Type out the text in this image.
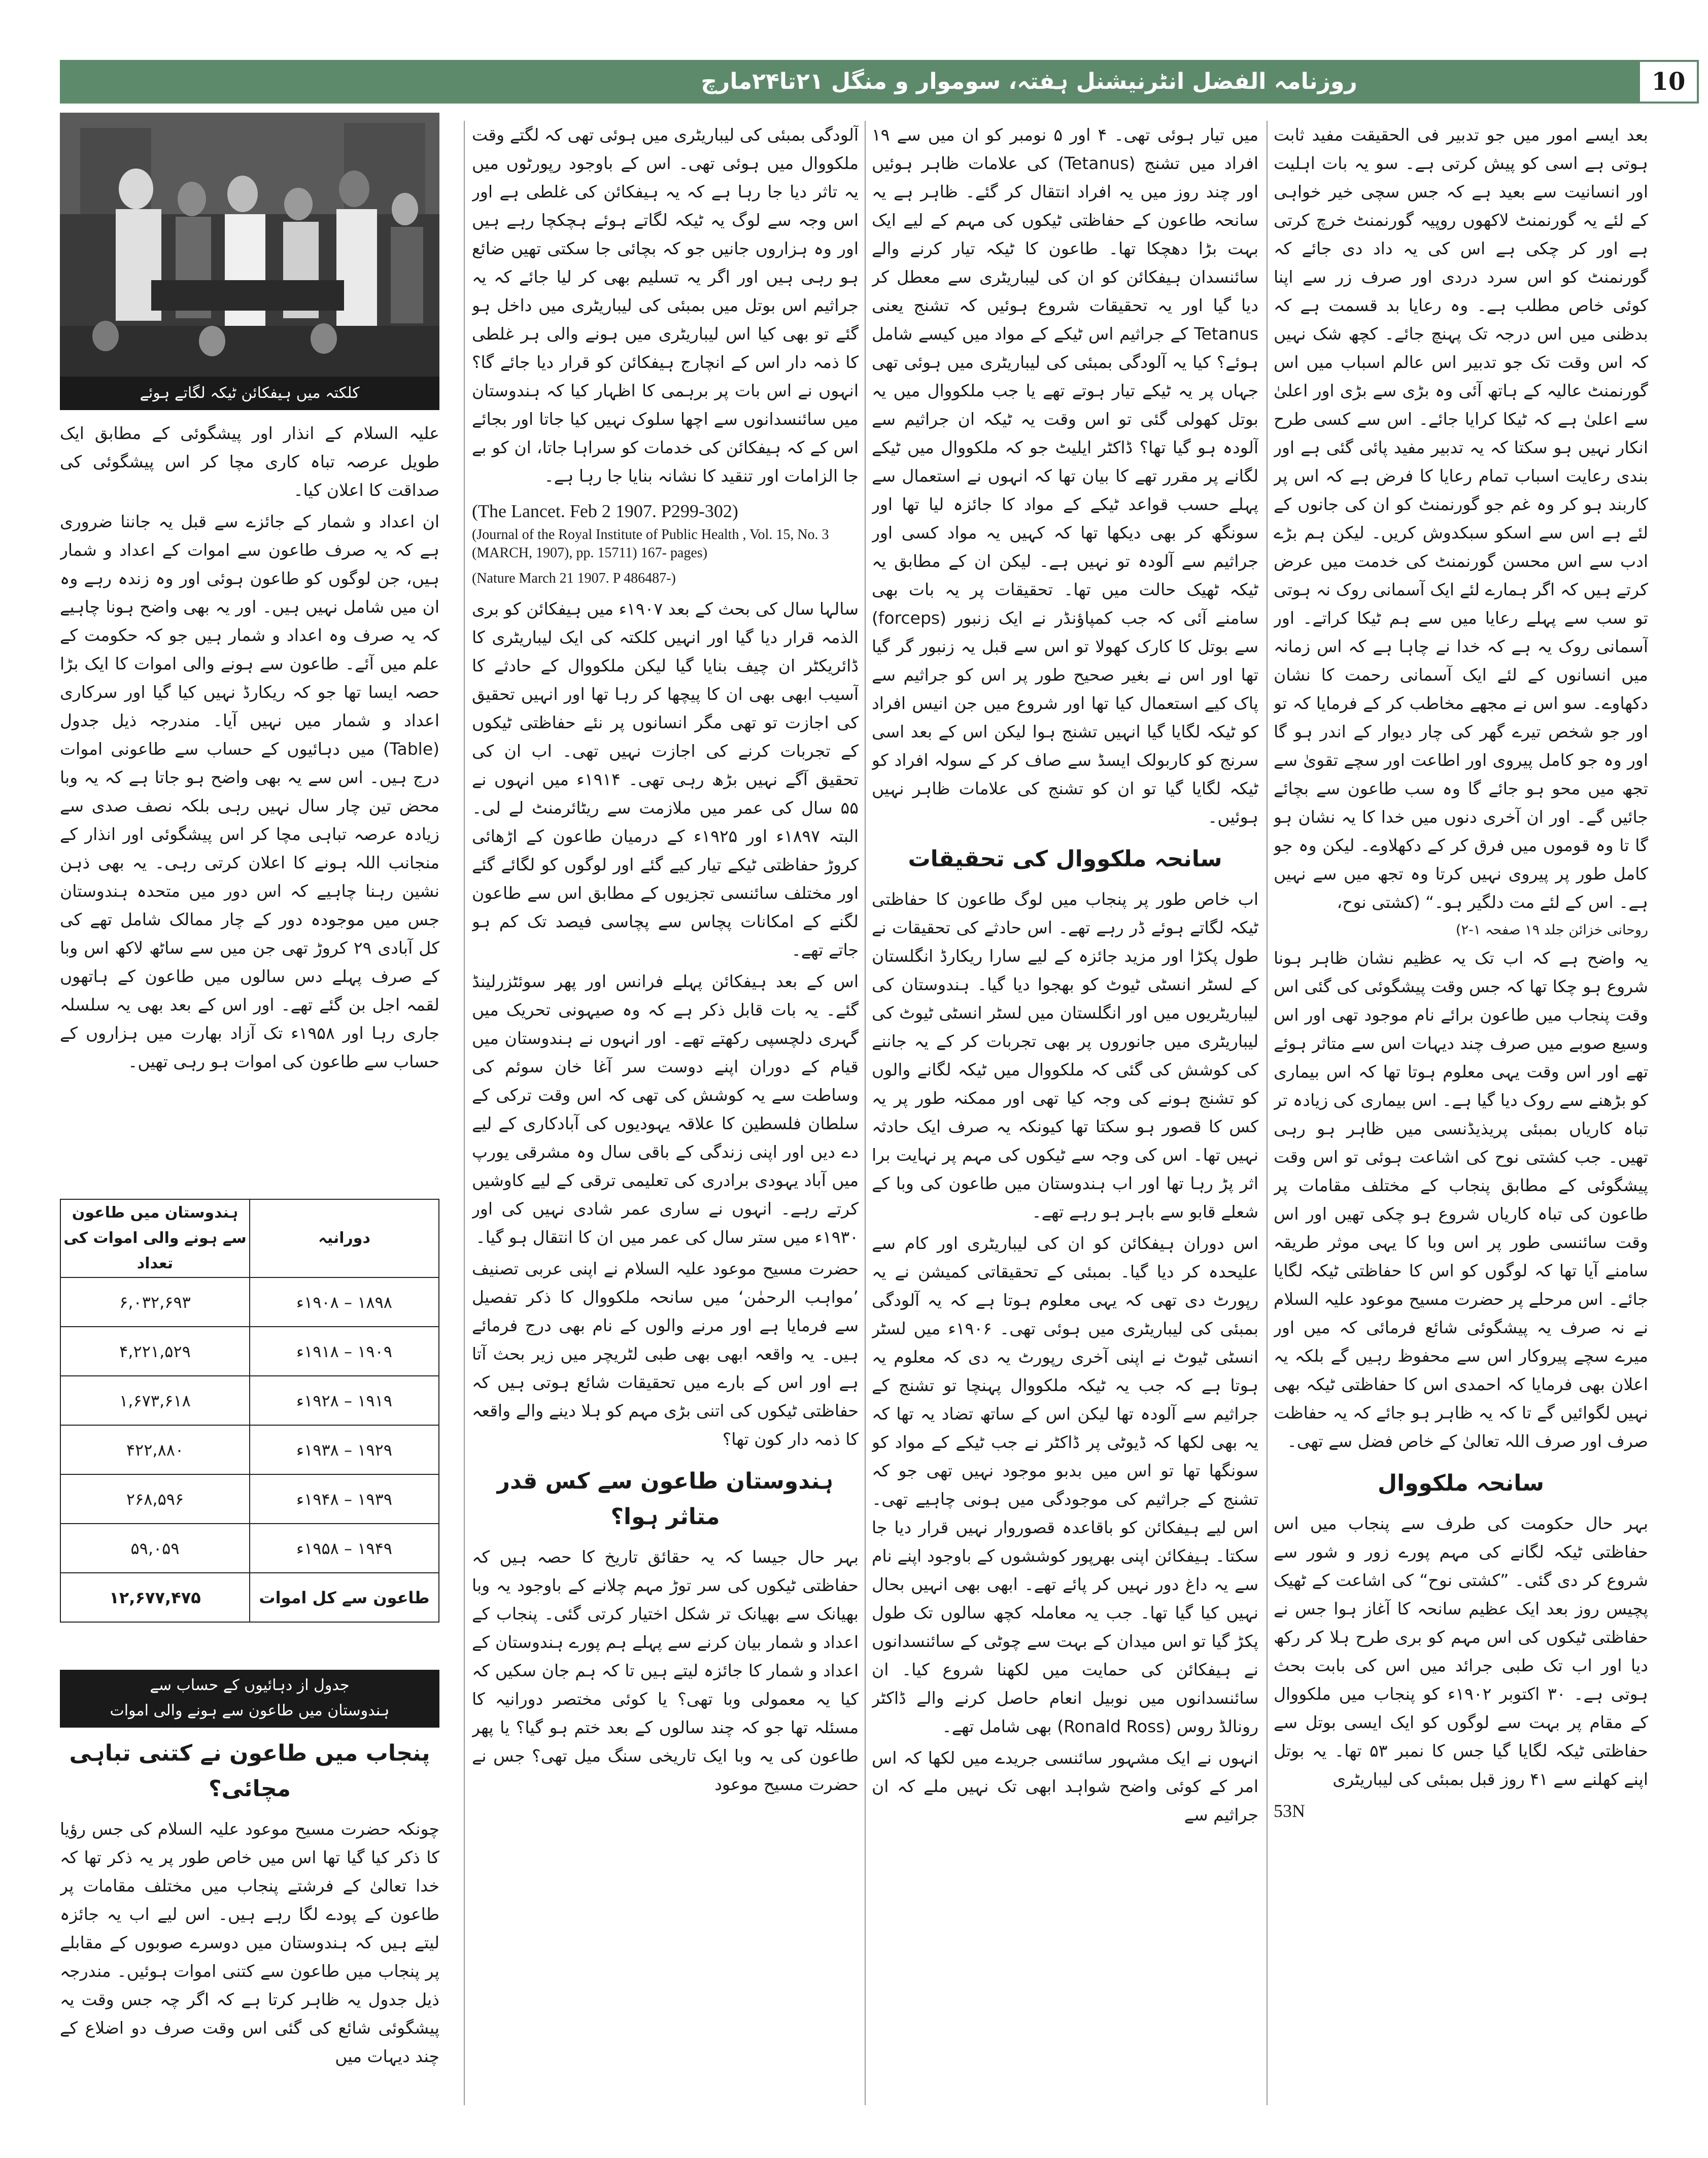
روزنامہ الفضل انٹرنیشنل ہفتہ، سوموار و منگل ۲۱تا۲۴مارچ ۲۰۲۶ء
10

بعد ایسے امور میں جو تدبیر فی الحقیقت مفید ثابت ہوتی ہے اسی کو پیش کرتی ہے۔ سو یہ بات اہلیت اور انسانیت سے بعید ہے کہ جس سچی خیر خواہی کے لئے یہ گورنمنٹ لاکھوں روپیہ گورنمنٹ خرچ کرتی ہے اور کر چکی ہے اس کی یہ داد دی جائے کہ گورنمنٹ کو اس سرد دردی اور صرف زر سے اپنا کوئی خاص مطلب ہے۔ وہ رعایا بد قسمت ہے کہ بدظنی میں اس درجہ تک پہنچ جائے۔ کچھ شک نہیں کہ اس وقت تک جو تدبیر اس عالم اسباب میں اس گورنمنٹ عالیہ کے ہاتھ آئی وہ بڑی سے بڑی اور اعلیٰ سے اعلیٰ ہے کہ ٹیکا کرایا جائے۔ اس سے کسی طرح انکار نہیں ہو سکتا کہ یہ تدبیر مفید پائی گئی ہے اور بندی رعایت اسباب تمام رعایا کا فرض ہے کہ اس پر کاربند ہو کر وہ غم جو گورنمنٹ کو ان کی جانوں کے لئے ہے اس سے اسکو سبکدوش کریں۔ لیکن ہم بڑے ادب سے اس محسن گورنمنٹ کی خدمت میں عرض کرتے ہیں کہ اگر ہمارے لئے ایک آسمانی روک نہ ہوتی تو سب سے پہلے رعایا میں سے ہم ٹیکا کراتے۔ اور آسمانی روک یہ ہے کہ خدا نے چاہا ہے کہ اس زمانہ میں انسانوں کے لئے ایک آسمانی رحمت کا نشان دکھاوے۔ سو اس نے مجھے مخاطب کر کے فرمایا کہ تو اور جو شخص تیرے گھر کی چار دیوار کے اندر ہو گا اور وہ جو کامل پیروی اور اطاعت اور سچے تقویٰ سے تجھ میں محو ہو جائے گا وہ سب طاعون سے بچائے جائیں گے۔ اور ان آخری دنوں میں خدا کا یہ نشان ہو گا تا وہ قوموں میں فرق کر کے دکھلاوے۔ لیکن وہ جو کامل طور پر پیروی نہیں کرتا وہ تجھ میں سے نہیں ہے۔ اس کے لئے مت دلگیر ہو۔“ (کشتی نوح،

روحانی خزائن جلد ۱۹ صفحہ ۱-۲)

یہ واضح ہے کہ اب تک یہ عظیم نشان ظاہر ہونا شروع ہو چکا تھا کہ جس وقت پیشگوئی کی گئی اس وقت پنجاب میں طاعون برائے نام موجود تھی اور اس وسیع صوبے میں صرف چند دیہات اس سے متاثر ہوئے تھے اور اس وقت یہی معلوم ہوتا تھا کہ اس بیماری کو بڑھنے سے روک دیا گیا ہے۔ اس بیماری کی زیادہ تر تباہ کاریاں بمبئی پریذیڈنسی میں ظاہر ہو رہی تھیں۔ جب کشتی نوح کی اشاعت ہوئی تو اس وقت پیشگوئی کے مطابق پنجاب کے مختلف مقامات پر طاعون کی تباہ کاریاں شروع ہو چکی تھیں اور اس وقت سائنسی طور پر اس وبا کا یہی موثر طریقہ سامنے آیا تھا کہ لوگوں کو اس کا حفاظتی ٹیکہ لگایا جائے۔ اس مرحلے پر حضرت مسیح موعود علیہ السلام نے نہ صرف یہ پیشگوئی شائع فرمائی کہ میں اور میرے سچے پیروکار اس سے محفوظ رہیں گے بلکہ یہ اعلان بھی فرمایا کہ احمدی اس کا حفاظتی ٹیکہ بھی نہیں لگوائیں گے تا کہ یہ ظاہر ہو جائے کہ یہ حفاظت صرف اور صرف اللہ تعالیٰ کے خاص فضل سے تھی۔

سانحہ ملکووال

بہر حال حکومت کی طرف سے پنجاب میں اس حفاظتی ٹیکہ لگانے کی مہم پورے زور و شور سے شروع کر دی گئی۔ ”کشتی نوح“ کی اشاعت کے ٹھیک پچیس روز بعد ایک عظیم سانحہ کا آغاز ہوا جس نے حفاظتی ٹیکوں کی اس مہم کو بری طرح ہلا کر رکھ دیا اور اب تک طبی جرائد میں اس کی بابت بحث ہوتی ہے۔ ۳۰ اکتوبر ۱۹۰۲ء کو پنجاب میں ملکووال کے مقام پر بہت سے لوگوں کو ایک ایسی بوتل سے حفاظتی ٹیکہ لگایا گیا جس کا نمبر ۵۳ تھا۔ یہ بوتل اپنے کھلنے سے ۴۱ روز قبل بمبئی کی لیباریٹری

53N

میں تیار ہوئی تھی۔ ۴ اور ۵ نومبر کو ان میں سے ۱۹ افراد میں تشنج (Tetanus) کی علامات ظاہر ہوئیں اور چند روز میں یہ افراد انتقال کر گئے۔ ظاہر ہے یہ سانحہ طاعون کے حفاظتی ٹیکوں کی مہم کے لیے ایک بہت بڑا دھچکا تھا۔ طاعون کا ٹیکہ تیار کرنے والے سائنسدان ہیفکائن کو ان کی لیباریٹری سے معطل کر دیا گیا اور یہ تحقیقات شروع ہوئیں کہ تشنج یعنی Tetanus کے جراثیم اس ٹیکے کے مواد میں کیسے شامل ہوئے؟ کیا یہ آلودگی بمبئی کی لیباریٹری میں ہوئی تھی جہاں پر یہ ٹیکے تیار ہوتے تھے یا جب ملکووال میں یہ بوتل کھولی گئی تو اس وقت یہ ٹیکہ ان جراثیم سے آلودہ ہو گیا تھا؟ ڈاکٹر ایلیٹ جو کہ ملکووال میں ٹیکے لگانے پر مقرر تھے کا بیان تھا کہ انہوں نے استعمال سے پہلے حسب قواعد ٹیکے کے مواد کا جائزہ لیا تھا اور سونگھ کر بھی دیکھا تھا کہ کہیں یہ مواد کسی اور جراثیم سے آلودہ تو نہیں ہے۔ لیکن ان کے مطابق یہ ٹیکہ ٹھیک حالت میں تھا۔ تحقیقات پر یہ بات بھی سامنے آئی کہ جب کمپاؤنڈر نے ایک زنبور (forceps) سے بوتل کا کارک کھولا تو اس سے قبل یہ زنبور گر گیا تھا اور اس نے بغیر صحیح طور پر اس کو جراثیم سے پاک کیے استعمال کیا تھا اور شروع میں جن انیس افراد کو ٹیکہ لگایا گیا انہیں تشنج ہوا لیکن اس کے بعد اسی سرنج کو کاربولک ایسڈ سے صاف کر کے سولہ افراد کو ٹیکہ لگایا گیا تو ان کو تشنج کی علامات ظاہر نہیں ہوئیں۔

سانحہ ملکووال کی تحقیقات

اب خاص طور پر پنجاب میں لوگ طاعون کا حفاظتی ٹیکہ لگاتے ہوئے ڈر رہے تھے۔ اس حادثے کی تحقیقات نے طول پکڑا اور مزید جائزہ کے لیے سارا ریکارڈ انگلستان کے لسٹر انسٹی ٹیوٹ کو بھجوا دیا گیا۔ ہندوستان کی لیباریٹریوں میں اور انگلستان میں لسٹر انسٹی ٹیوٹ کی لیباریٹری میں جانوروں پر بھی تجربات کر کے یہ جاننے کی کوشش کی گئی کہ ملکووال میں ٹیکہ لگانے والوں کو تشنج ہونے کی وجہ کیا تھی اور ممکنہ طور پر یہ کس کا قصور ہو سکتا تھا کیونکہ یہ صرف ایک حادثہ نہیں تھا۔ اس کی وجہ سے ٹیکوں کی مہم پر نہایت برا اثر پڑ رہا تھا اور اب ہندوستان میں طاعون کی وبا کے شعلے قابو سے باہر ہو رہے تھے۔

اس دوران ہیفکائن کو ان کی لیباریٹری اور کام سے علیحدہ کر دیا گیا۔ بمبئی کے تحقیقاتی کمیشن نے یہ رپورٹ دی تھی کہ یہی معلوم ہوتا ہے کہ یہ آلودگی بمبئی کی لیباریٹری میں ہوئی تھی۔ ۱۹۰۶ء میں لسٹر انسٹی ٹیوٹ نے اپنی آخری رپورٹ یہ دی کہ معلوم یہ ہوتا ہے کہ جب یہ ٹیکہ ملکووال پہنچا تو تشنج کے جراثیم سے آلودہ تھا لیکن اس کے ساتھ تضاد یہ تھا کہ یہ بھی لکھا کہ ڈیوٹی پر ڈاکٹر نے جب ٹیکے کے مواد کو سونگھا تھا تو اس میں بدبو موجود نہیں تھی جو کہ تشنج کے جراثیم کی موجودگی میں ہونی چاہیے تھی۔ اس لیے ہیفکائن کو باقاعدہ قصوروار نہیں قرار دیا جا سکتا۔ ہیفکائن اپنی بھرپور کوششوں کے باوجود اپنے نام سے یہ داغ دور نہیں کر پائے تھے۔ ابھی بھی انہیں بحال نہیں کیا گیا تھا۔ جب یہ معاملہ کچھ سالوں تک طول پکڑ گیا تو اس میدان کے بہت سے چوٹی کے سائنسدانوں نے ہیفکائن کی حمایت میں لکھنا شروع کیا۔ ان سائنسدانوں میں نوبیل انعام حاصل کرنے والے ڈاکٹر رونالڈ روس (Ronald Ross) بھی شامل تھے۔

انہوں نے ایک مشہور سائنسی جریدے میں لکھا کہ اس امر کے کوئی واضح شواہد ابھی تک نہیں ملے کہ ان جراثیم سے

آلودگی بمبئی کی لیباریٹری میں ہوئی تھی کہ لگتے وقت ملکووال میں ہوئی تھی۔ اس کے باوجود رپورٹوں میں یہ تاثر دیا جا رہا ہے کہ یہ ہیفکائن کی غلطی ہے اور اس وجہ سے لوگ یہ ٹیکہ لگاتے ہوئے ہچکچا رہے ہیں اور وہ ہزاروں جانیں جو کہ بچائی جا سکتی تھیں ضائع ہو رہی ہیں اور اگر یہ تسلیم بھی کر لیا جائے کہ یہ جراثیم اس بوتل میں بمبئی کی لیباریٹری میں داخل ہو گئے تو بھی کیا اس لیباریٹری میں ہونے والی ہر غلطی کا ذمہ دار اس کے انچارج ہیفکائن کو قرار دیا جائے گا؟ انہوں نے اس بات پر برہمی کا اظہار کیا کہ ہندوستان میں سائنسدانوں سے اچھا سلوک نہیں کیا جاتا اور بجائے اس کے کہ ہیفکائن کی خدمات کو سراہا جاتا، ان کو بے جا الزامات اور تنقید کا نشانہ بنایا جا رہا ہے۔

(The Lancet. Feb 2 1907. P299-302)

(Journal of the Royal Institute of Public Health , Vol. 15, No. 3 (MARCH, 1907), pp. 15711) 167- pages)

(Nature March 21 1907. P 486487-)

سالہا سال کی بحث کے بعد ۱۹۰۷ء میں ہیفکائن کو بری الذمہ قرار دیا گیا اور انہیں کلکتہ کی ایک لیباریٹری کا ڈائریکٹر ان چیف بنایا گیا لیکن ملکووال کے حادثے کا آسیب ابھی بھی ان کا پیچھا کر رہا تھا اور انہیں تحقیق کی اجازت تو تھی مگر انسانوں پر نئے حفاظتی ٹیکوں کے تجربات کرنے کی اجازت نہیں تھی۔ اب ان کی تحقیق آگے نہیں بڑھ رہی تھی۔ ۱۹۱۴ء میں انہوں نے ۵۵ سال کی عمر میں ملازمت سے ریٹائرمنٹ لے لی۔ البتہ ۱۸۹۷ء اور ۱۹۲۵ء کے درمیان طاعون کے اڑھائی کروڑ حفاظتی ٹیکے تیار کیے گئے اور لوگوں کو لگائے گئے اور مختلف سائنسی تجزیوں کے مطابق اس سے طاعون لگنے کے امکانات پچاس سے پچاسی فیصد تک کم ہو جاتے تھے۔

اس کے بعد ہیفکائن پہلے فرانس اور پھر سوئٹزرلینڈ گئے۔ یہ بات قابل ذکر ہے کہ وہ صیہونی تحریک میں گہری دلچسپی رکھتے تھے۔ اور انہوں نے ہندوستان میں قیام کے دوران اپنے دوست سر آغا خان سوئم کی وساطت سے یہ کوشش کی تھی کہ اس وقت ترکی کے سلطان فلسطین کا علاقہ یہودیوں کی آبادکاری کے لیے دے دیں اور اپنی زندگی کے باقی سال وہ مشرقی یورپ میں آباد یہودی برادری کی تعلیمی ترقی کے لیے کاوشیں کرتے رہے۔ انہوں نے ساری عمر شادی نہیں کی اور ۱۹۳۰ء میں ستر سال کی عمر میں ان کا انتقال ہو گیا۔

حضرت مسیح موعود علیہ السلام نے اپنی عربی تصنیف ’مواہب الرحمٰن‘ میں سانحہ ملکووال کا ذکر تفصیل سے فرمایا ہے اور مرنے والوں کے نام بھی درج فرمائے ہیں۔ یہ واقعہ ابھی بھی طبی لٹریچر میں زیر بحث آتا ہے اور اس کے بارے میں تحقیقات شائع ہوتی ہیں کہ حفاظتی ٹیکوں کی اتنی بڑی مہم کو ہلا دینے والے واقعہ کا ذمہ دار کون تھا؟

ہندوستان طاعون سے کس قدر متاثر ہوا؟

بہر حال جیسا کہ یہ حقائق تاریخ کا حصہ ہیں کہ حفاظتی ٹیکوں کی سر توڑ مہم چلانے کے باوجود یہ وبا بھیانک سے بھیانک تر شکل اختیار کرتی گئی۔ پنجاب کے اعداد و شمار بیان کرنے سے پہلے ہم پورے ہندوستان کے اعداد و شمار کا جائزہ لیتے ہیں تا کہ ہم جان سکیں کہ کیا یہ معمولی وبا تھی؟ یا کوئی مختصر دورانیہ کا مسئلہ تھا جو کہ چند سالوں کے بعد ختم ہو گیا؟ یا پھر طاعون کی یہ وبا ایک تاریخی سنگ میل تھی؟ جس نے حضرت مسیح موعود

کلکتہ میں ہیفکائن ٹیکہ لگاتے ہوئے

علیہ السلام کے انذار اور پیشگوئی کے مطابق ایک طویل عرصہ تباہ کاری مچا کر اس پیشگوئی کی صداقت کا اعلان کیا۔

ان اعداد و شمار کے جائزے سے قبل یہ جاننا ضروری ہے کہ یہ صرف طاعون سے اموات کے اعداد و شمار ہیں، جن لوگوں کو طاعون ہوئی اور وہ زندہ رہے وہ ان میں شامل نہیں ہیں۔ اور یہ بھی واضح ہونا چاہیے کہ یہ صرف وہ اعداد و شمار ہیں جو کہ حکومت کے علم میں آئے۔ طاعون سے ہونے والی اموات کا ایک بڑا حصہ ایسا تھا جو کہ ریکارڈ نہیں کیا گیا اور سرکاری اعداد و شمار میں نہیں آیا۔ مندرجہ ذیل جدول (Table) میں دہائیوں کے حساب سے طاعونی اموات درج ہیں۔ اس سے یہ بھی واضح ہو جاتا ہے کہ یہ وبا محض تین چار سال نہیں رہی بلکہ نصف صدی سے زیادہ عرصہ تباہی مچا کر اس پیشگوئی اور انذار کے منجانب اللہ ہونے کا اعلان کرتی رہی۔ یہ بھی ذہن نشین رہنا چاہیے کہ اس دور میں متحدہ ہندوستان جس میں موجودہ دور کے چار ممالک شامل تھے کی کل آبادی ۲۹ کروڑ تھی جن میں سے ساٹھ لاکھ اس وبا کے صرف پہلے دس سالوں میں طاعون کے ہاتھوں لقمہ اجل بن گئے تھے۔ اور اس کے بعد بھی یہ سلسلہ جاری رہا اور ۱۹۵۸ء تک آزاد بھارت میں ہزاروں کے حساب سے طاعون کی اموات ہو رہی تھیں۔

دورانیہ	ہندوستان میں طاعون سے ہونے والی اموات کی تعداد
۱۸۹۸ – ۱۹۰۸ء	۶,۰۳۲,۶۹۳
۱۹۰۹ – ۱۹۱۸ء	۴,۲۲۱,۵۲۹
۱۹۱۹ – ۱۹۲۸ء	۱,۶۷۳,۶۱۸
۱۹۲۹ – ۱۹۳۸ء	۴۲۲,۸۸۰
۱۹۳۹ – ۱۹۴۸ء	۲۶۸,۵۹۶
۱۹۴۹ – ۱۹۵۸ء	۵۹,۰۵۹
طاعون سے کل اموات	۱۲,۶۷۷,۴۷۵
جدول از دہائیوں کے حساب سے
ہندوستان میں طاعون سے ہونے والی اموات
پنجاب میں طاعون نے کتنی تباہی مچائی؟

چونکہ حضرت مسیح موعود علیہ السلام کی جس رؤیا کا ذکر کیا گیا تھا اس میں خاص طور پر یہ ذکر تھا کہ خدا تعالیٰ کے فرشتے پنجاب میں مختلف مقامات پر طاعون کے پودے لگا رہے ہیں۔ اس لیے اب یہ جائزہ لیتے ہیں کہ ہندوستان میں دوسرے صوبوں کے مقابلے پر پنجاب میں طاعون سے کتنی اموات ہوئیں۔ مندرجہ ذیل جدول یہ ظاہر کرتا ہے کہ اگر چہ جس وقت یہ پیشگوئی شائع کی گئی اس وقت صرف دو اضلاع کے چند دیہات میں
